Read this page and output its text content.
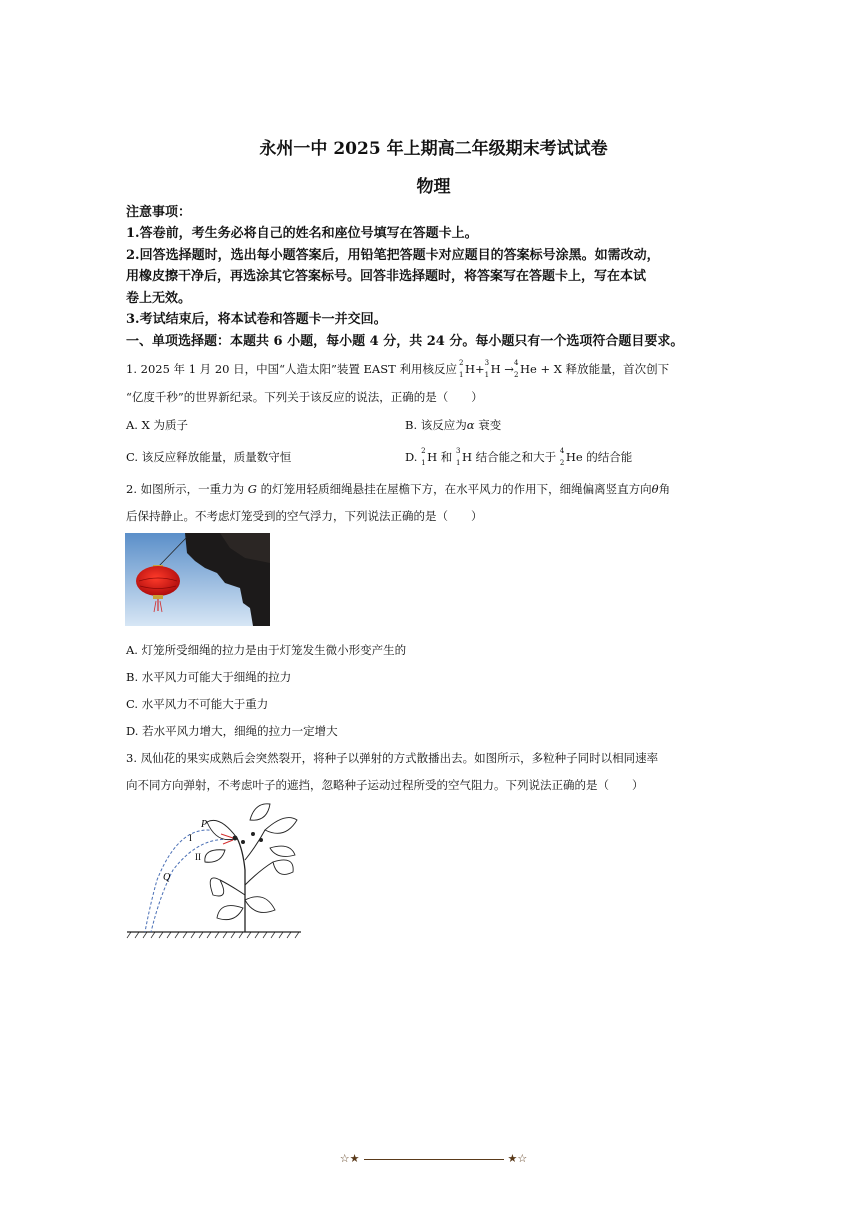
永州一中 2025 年上期高二年级期末考试试卷
物理
注意事项：
1.答卷前，考生务必将自己的姓名和座位号填写在答题卡上。
2.回答选择题时，选出每小题答案后，用铅笔把答题卡对应题目的答案标号涂黑。如需改动，
用橡皮擦干净后，再选涂其它答案标号。回答非选择题时，将答案写在答题卡上，写在本试
卷上无效。
3.考试结束后，将本试卷和答题卡一并交回。
一、单项选择题：本题共 6 小题，每小题 4 分，共 24 分。每小题只有一个选项符合题目要求。
1. 2025 年 1 月 20 日，中国“人造太阳”装置 EAST 利用核反应 2
1 H+ 3
1 H → 4
2 He + X 释放能量，首次创下
“亿度千秒”的世界新纪录。下列关于该反应的说法，正确的是（　　）
A. X 为质子	B. 该反应为α 衰变
C. 该反应释放能量，质量数守恒	D. 2
1 H 和 3
1 H 结合能之和大于 4
2 He 的结合能
2. 如图所示，一重力为 G 的灯笼用轻质细绳悬挂在屋檐下方，在水平风力的作用下，细绳偏离竖直方向θ角
后保持静止。不考虑灯笼受到的空气浮力，下列说法正确的是（　　）
A. 灯笼所受细绳的拉力是由于灯笼发生微小形变产生的
B. 水平风力可能大于细绳的拉力
C. 水平风力不可能大于重力
D. 若水平风力增大，细绳的拉力一定增大
3. 凤仙花的果实成熟后会突然裂开，将种子以弹射的方式散播出去。如图所示，多粒种子同时以相同速率
向不同方向弹射，不考虑叶子的遮挡，忽略种子运动过程所受的空气阻力。下列说法正确的是（　　）
P
I
II
Q
☆★	★☆
